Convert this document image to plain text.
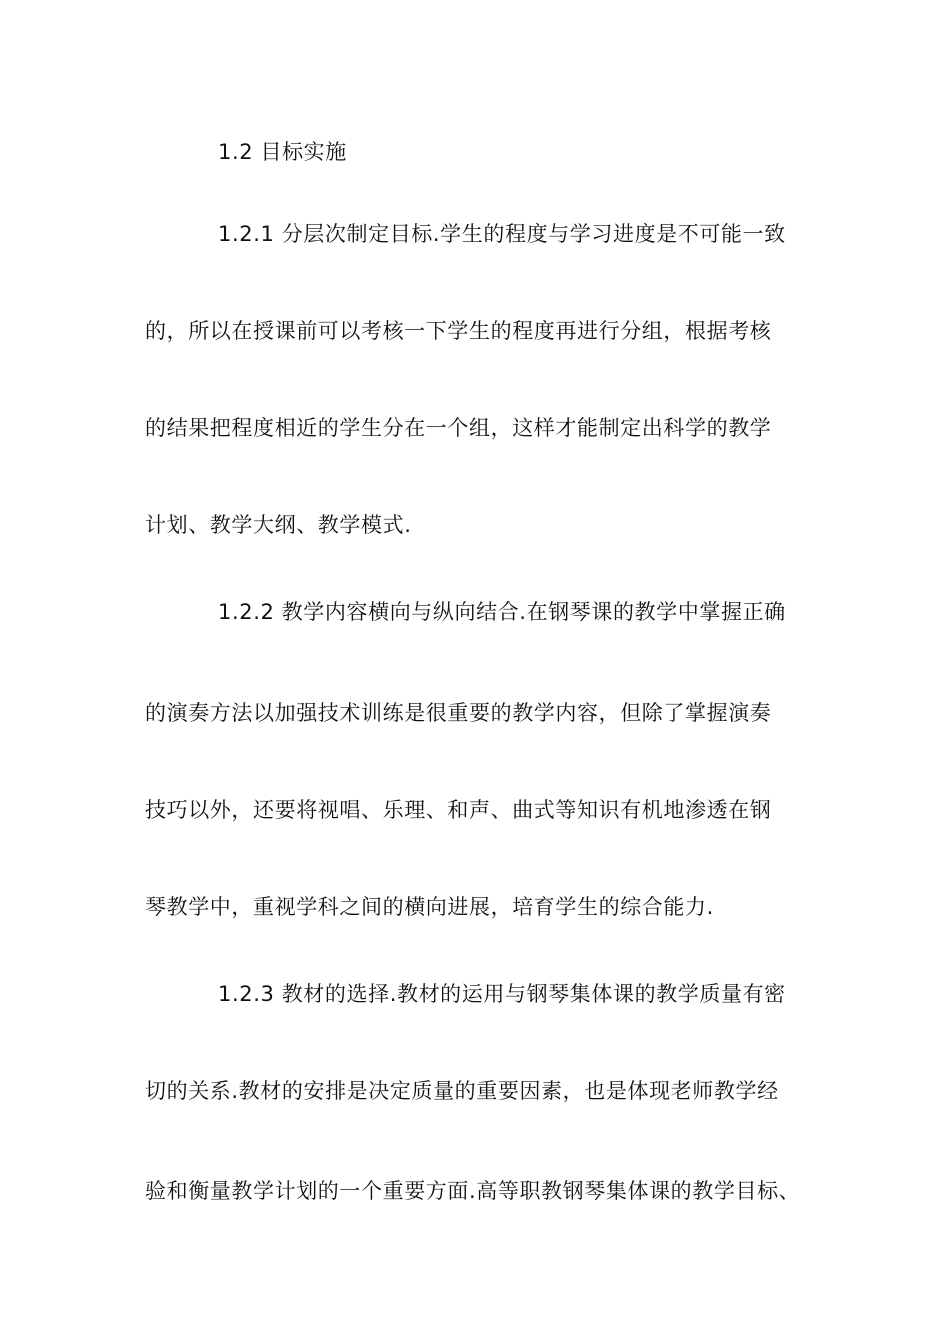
1.2 目标实施
1.2.1 分层次制定目标.学生的程度与学习进度是不可能一致
的，所以在授课前可以考核一下学生的程度再进行分组，根据考核
的结果把程度相近的学生分在一个组，这样才能制定出科学的教学
计划、教学大纲、教学模式.
1.2.2 教学内容横向与纵向结合.在钢琴课的教学中掌握正确
的演奏方法以加强技术训练是很重要的教学内容，但除了掌握演奏
技巧以外，还要将视唱、乐理、和声、曲式等知识有机地渗透在钢
琴教学中，重视学科之间的横向进展，培育学生的综合能力.
1.2.3 教材的选择.教材的运用与钢琴集体课的教学质量有密
切的关系.教材的安排是决定质量的重要因素，也是体现老师教学经
验和衡量教学计划的一个重要方面.高等职教钢琴集体课的教学目标、
